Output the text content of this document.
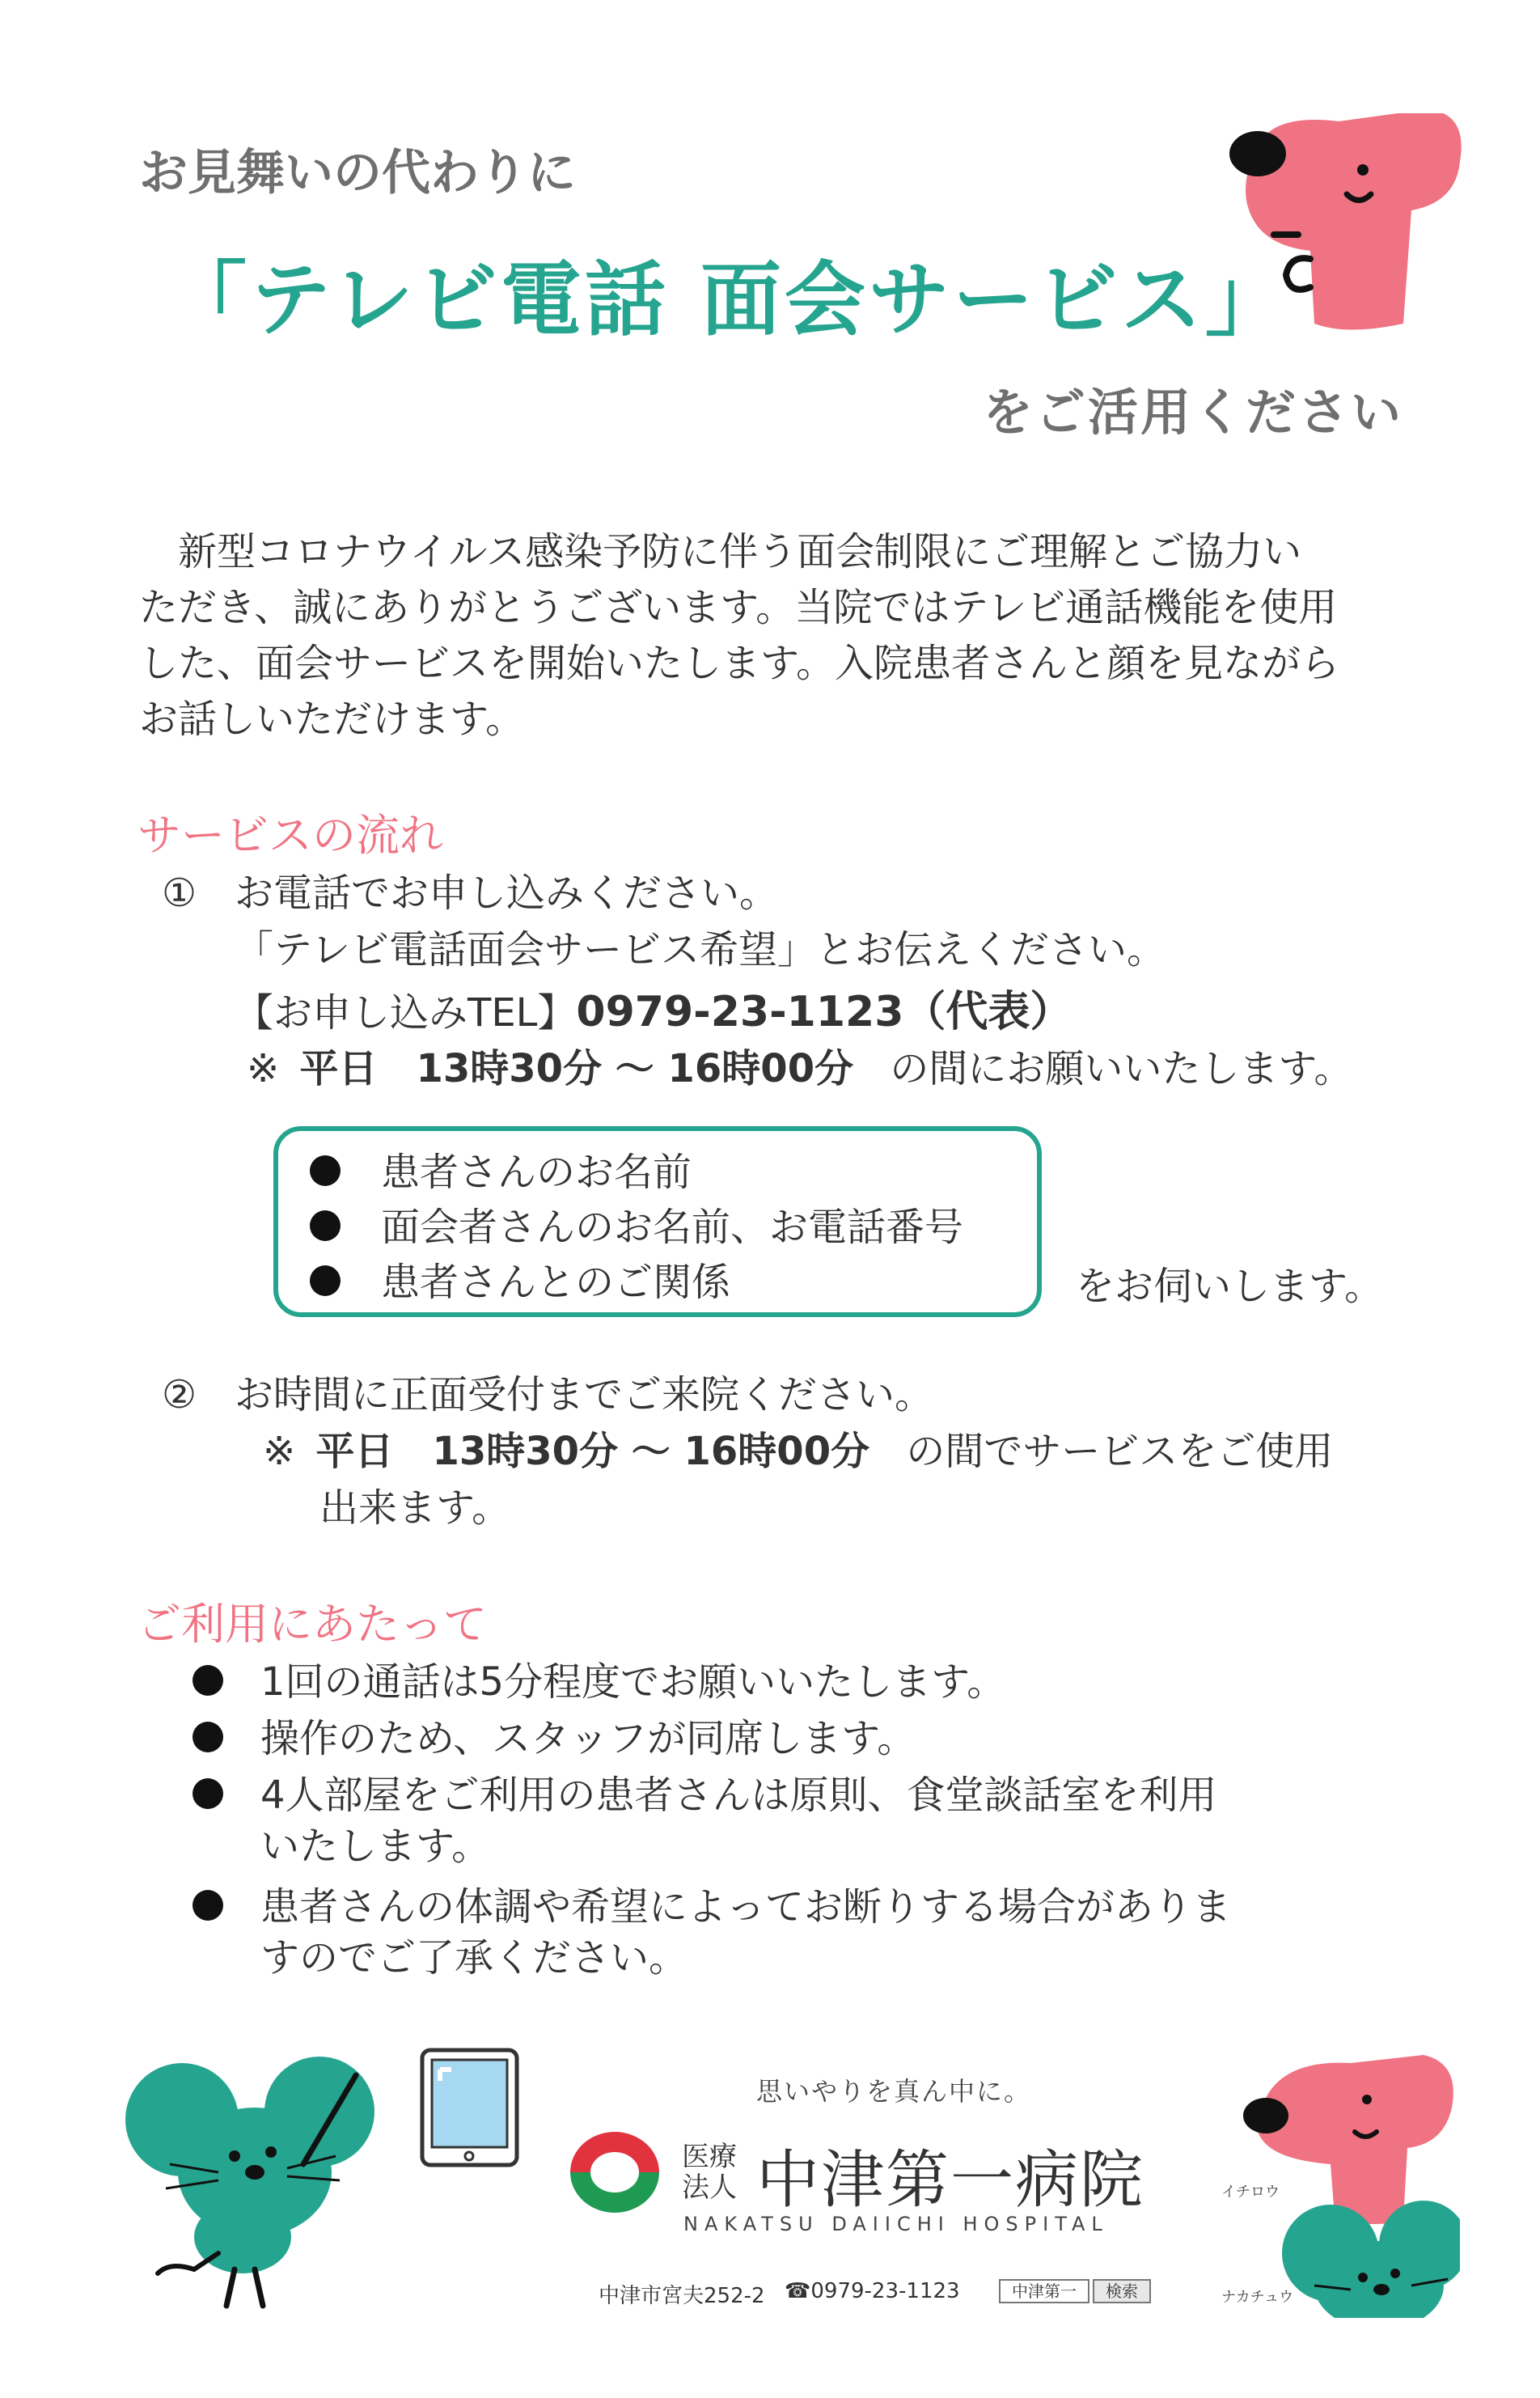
お見舞いの代わりに
「テレビ電話 面会サービス」
をご活用ください
　新型コロナウイルス感染予防に伴う面会制限にご理解とご協力い
ただき、誠にありがとうございます。当院ではテレビ通話機能を使用
した、面会サービスを開始いたします。入院患者さんと顔を見ながら
お話しいただけます。
サービスの流れ
① お電話でお申し込みください。
「テレビ電話面会サービス希望」とお伝えください。
【お申し込みTEL】0979-23-1123（代表）
※ 平日　13時30分 ～ 16時00分 の間にお願いいたします。
患者さんのお名前
面会者さんのお名前、お電話番号
患者さんとのご関係	をお伺いします。
② お時間に正面受付までご来院ください。
※ 平日　13時30分 ～ 16時00分 の間でサービスをご使用
出来ます。
ご利用にあたって
1回の通話は5分程度でお願いいたします。
操作のため、スタッフが同席します。
4人部屋をご利用の患者さんは原則、食堂談話室を利用
いたします。
患者さんの体調や希望によってお断りする場合がありま
すのでご了承ください。
思いやりを真ん中に。
医療
法人 中津第一病院
NAKATSU DAIICHI HOSPITAL
中津市宮夫252-2 ☎0979-23-1123	中津第一 検索
イチロウ
ナカチュウ
